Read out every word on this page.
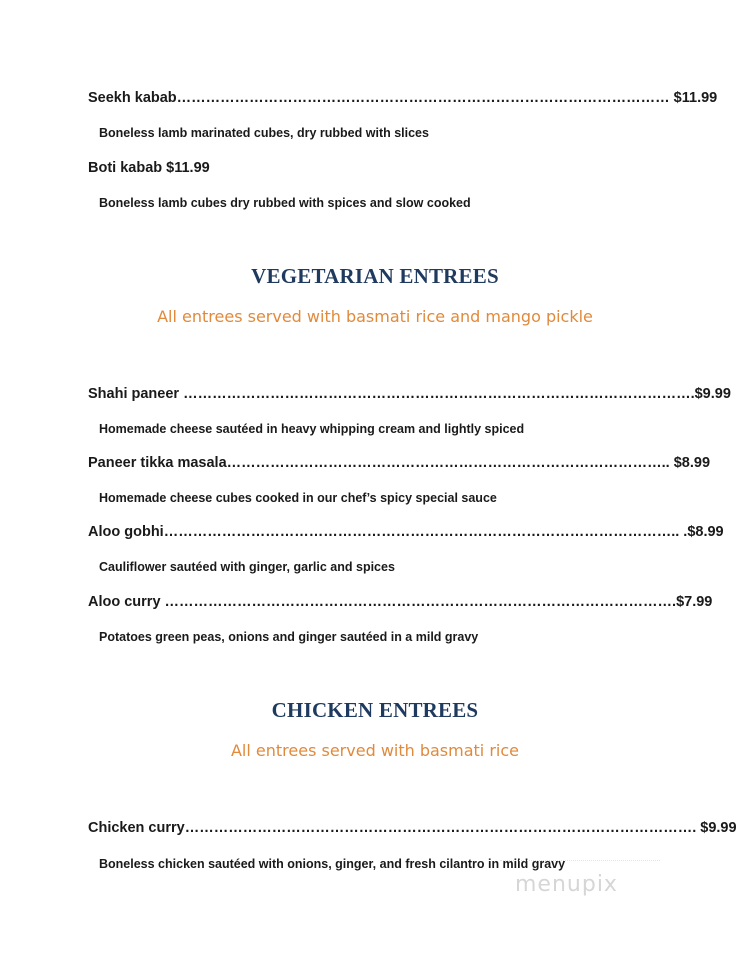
Seekh kabab………………………………………………………………………………………… $11.99
Boneless lamb marinated cubes, dry rubbed with slices
Boti kabab $11.99
Boneless lamb cubes dry rubbed with spices and slow cooked
VEGETARIAN ENTREES
All entrees served with basmati rice and mango pickle
Shahi paneer …………………………………………………………………………………………….$9.99
Homemade cheese sautéed in heavy whipping cream and lightly spiced
Paneer tikka masala……………………………………………………………………………….. $8.99
Homemade cheese cubes cooked in our chef’s spicy special sauce
Aloo gobhi…………………………………………………………………………………………….. .$8.99
Cauliflower sautéed with ginger, garlic and spices
Aloo curry …………………………………………………………………………………………….$7.99
Potatoes green peas, onions and ginger sautéed in a mild gravy
CHICKEN ENTREES
All entrees served with basmati rice
Chicken curry……………………………………………………………………………………………. $9.99
Boneless chicken sautéed with onions, ginger, and fresh cilantro in mild gravy
menupix
